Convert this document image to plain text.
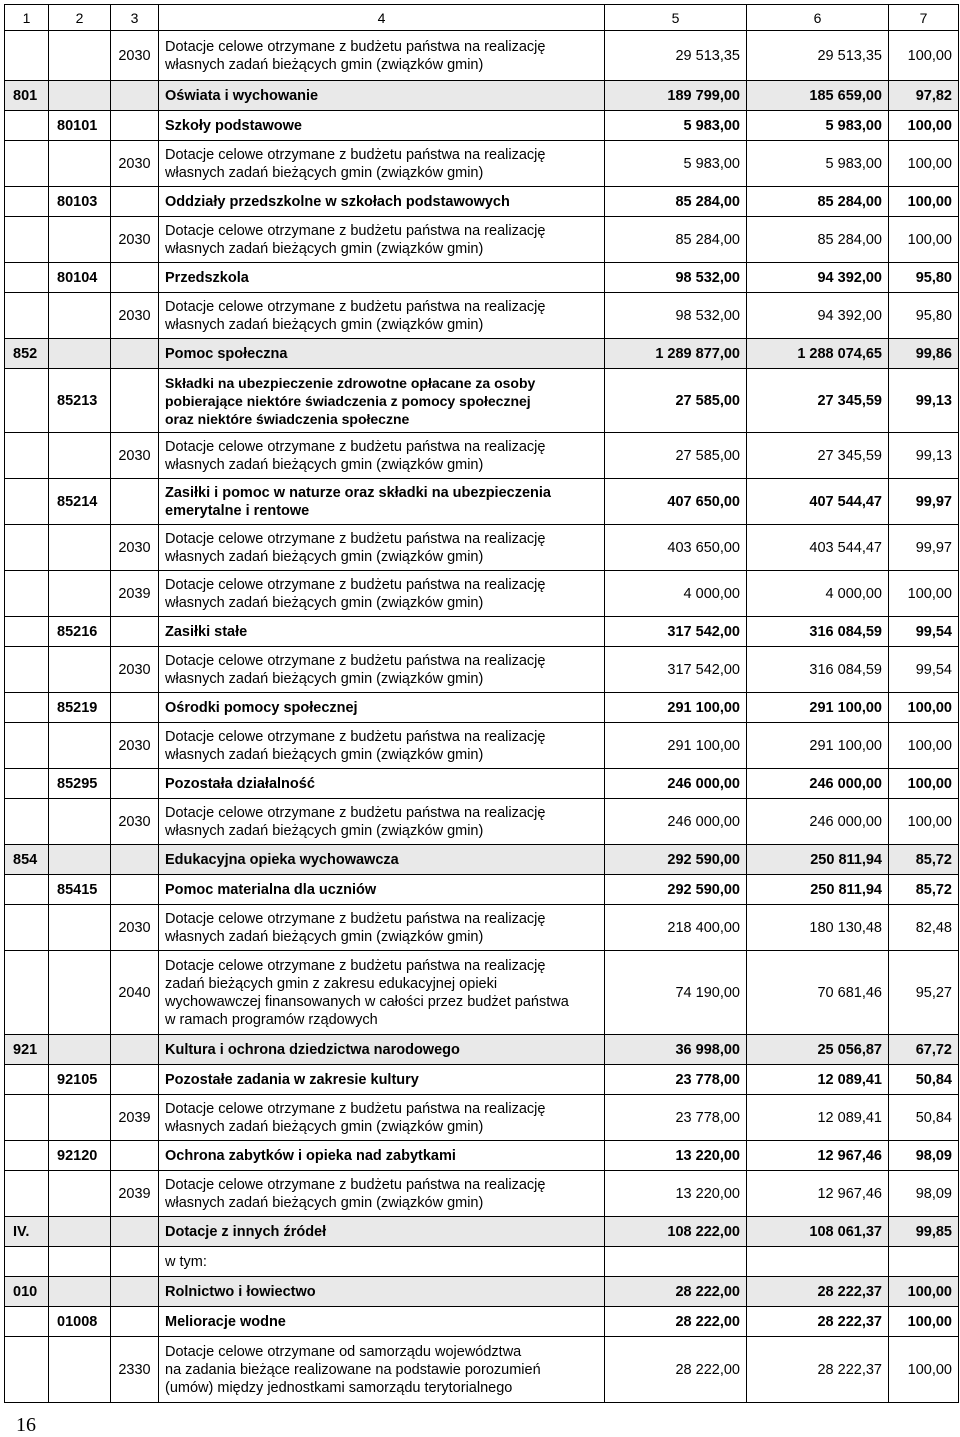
1	2	3	4	5	6	7
		2030	Dotacje celowe otrzymane z budżetu państwa na realizację
własnych zadań bieżących gmin (związków gmin)	29 513,35	29 513,35	100,00
801			Oświata i wychowanie	189 799,00	185 659,00	97,82
	80101		Szkoły podstawowe	5 983,00	5 983,00	100,00
		2030	Dotacje celowe otrzymane z budżetu państwa na realizację
własnych zadań bieżących gmin (związków gmin)	5 983,00	5 983,00	100,00
	80103		Oddziały przedszkolne w szkołach podstawowych	85 284,00	85 284,00	100,00
		2030	Dotacje celowe otrzymane z budżetu państwa na realizację
własnych zadań bieżących gmin (związków gmin)	85 284,00	85 284,00	100,00
	80104		Przedszkola	98 532,00	94 392,00	95,80
		2030	Dotacje celowe otrzymane z budżetu państwa na realizację
własnych zadań bieżących gmin (związków gmin)	98 532,00	94 392,00	95,80
852			Pomoc społeczna	1 289 877,00	1 288 074,65	99,86
	85213		Składki na ubezpieczenie zdrowotne opłacane za osoby
pobierające niektóre świadczenia z pomocy społecznej
oraz niektóre świadczenia społeczne	27 585,00	27 345,59	99,13
		2030	Dotacje celowe otrzymane z budżetu państwa na realizację
własnych zadań bieżących gmin (związków gmin)	27 585,00	27 345,59	99,13
	85214		Zasiłki i pomoc w naturze oraz składki na ubezpieczenia
emerytalne i rentowe	407 650,00	407 544,47	99,97
		2030	Dotacje celowe otrzymane z budżetu państwa na realizację
własnych zadań bieżących gmin (związków gmin)	403 650,00	403 544,47	99,97
		2039	Dotacje celowe otrzymane z budżetu państwa na realizację
własnych zadań bieżących gmin (związków gmin)	4 000,00	4 000,00	100,00
	85216		Zasiłki stałe	317 542,00	316 084,59	99,54
		2030	Dotacje celowe otrzymane z budżetu państwa na realizację
własnych zadań bieżących gmin (związków gmin)	317 542,00	316 084,59	99,54
	85219		Ośrodki pomocy społecznej	291 100,00	291 100,00	100,00
		2030	Dotacje celowe otrzymane z budżetu państwa na realizację
własnych zadań bieżących gmin (związków gmin)	291 100,00	291 100,00	100,00
	85295		Pozostała działalność	246 000,00	246 000,00	100,00
		2030	Dotacje celowe otrzymane z budżetu państwa na realizację
własnych zadań bieżących gmin (związków gmin)	246 000,00	246 000,00	100,00
854			Edukacyjna opieka wychowawcza	292 590,00	250 811,94	85,72
	85415		Pomoc materialna dla uczniów	292 590,00	250 811,94	85,72
		2030	Dotacje celowe otrzymane z budżetu państwa na realizację
własnych zadań bieżących gmin (związków gmin)	218 400,00	180 130,48	82,48
		2040	Dotacje celowe otrzymane z budżetu państwa na realizację
zadań bieżących gmin z zakresu edukacyjnej opieki
wychowawczej finansowanych w całości przez budżet państwa
w ramach programów rządowych	74 190,00	70 681,46	95,27
921			Kultura i ochrona dziedzictwa narodowego	36 998,00	25 056,87	67,72
	92105		Pozostałe zadania w zakresie kultury	23 778,00	12 089,41	50,84
		2039	Dotacje celowe otrzymane z budżetu państwa na realizację
własnych zadań bieżących gmin (związków gmin)	23 778,00	12 089,41	50,84
	92120		Ochrona zabytków i opieka nad zabytkami	13 220,00	12 967,46	98,09
		2039	Dotacje celowe otrzymane z budżetu państwa na realizację
własnych zadań bieżących gmin (związków gmin)	13 220,00	12 967,46	98,09
IV.			Dotacje z innych źródeł	108 222,00	108 061,37	99,85

			w tym:			

010			Rolnictwo i łowiectwo	28 222,00	28 222,37	100,00
	01008		Melioracje wodne	28 222,00	28 222,37	100,00
		2330	Dotacje celowe otrzymane od samorządu województwa
na zadania bieżące realizowane na podstawie porozumień
(umów) między jednostkami samorządu terytorialnego	28 222,00	28 222,37	100,00
16
